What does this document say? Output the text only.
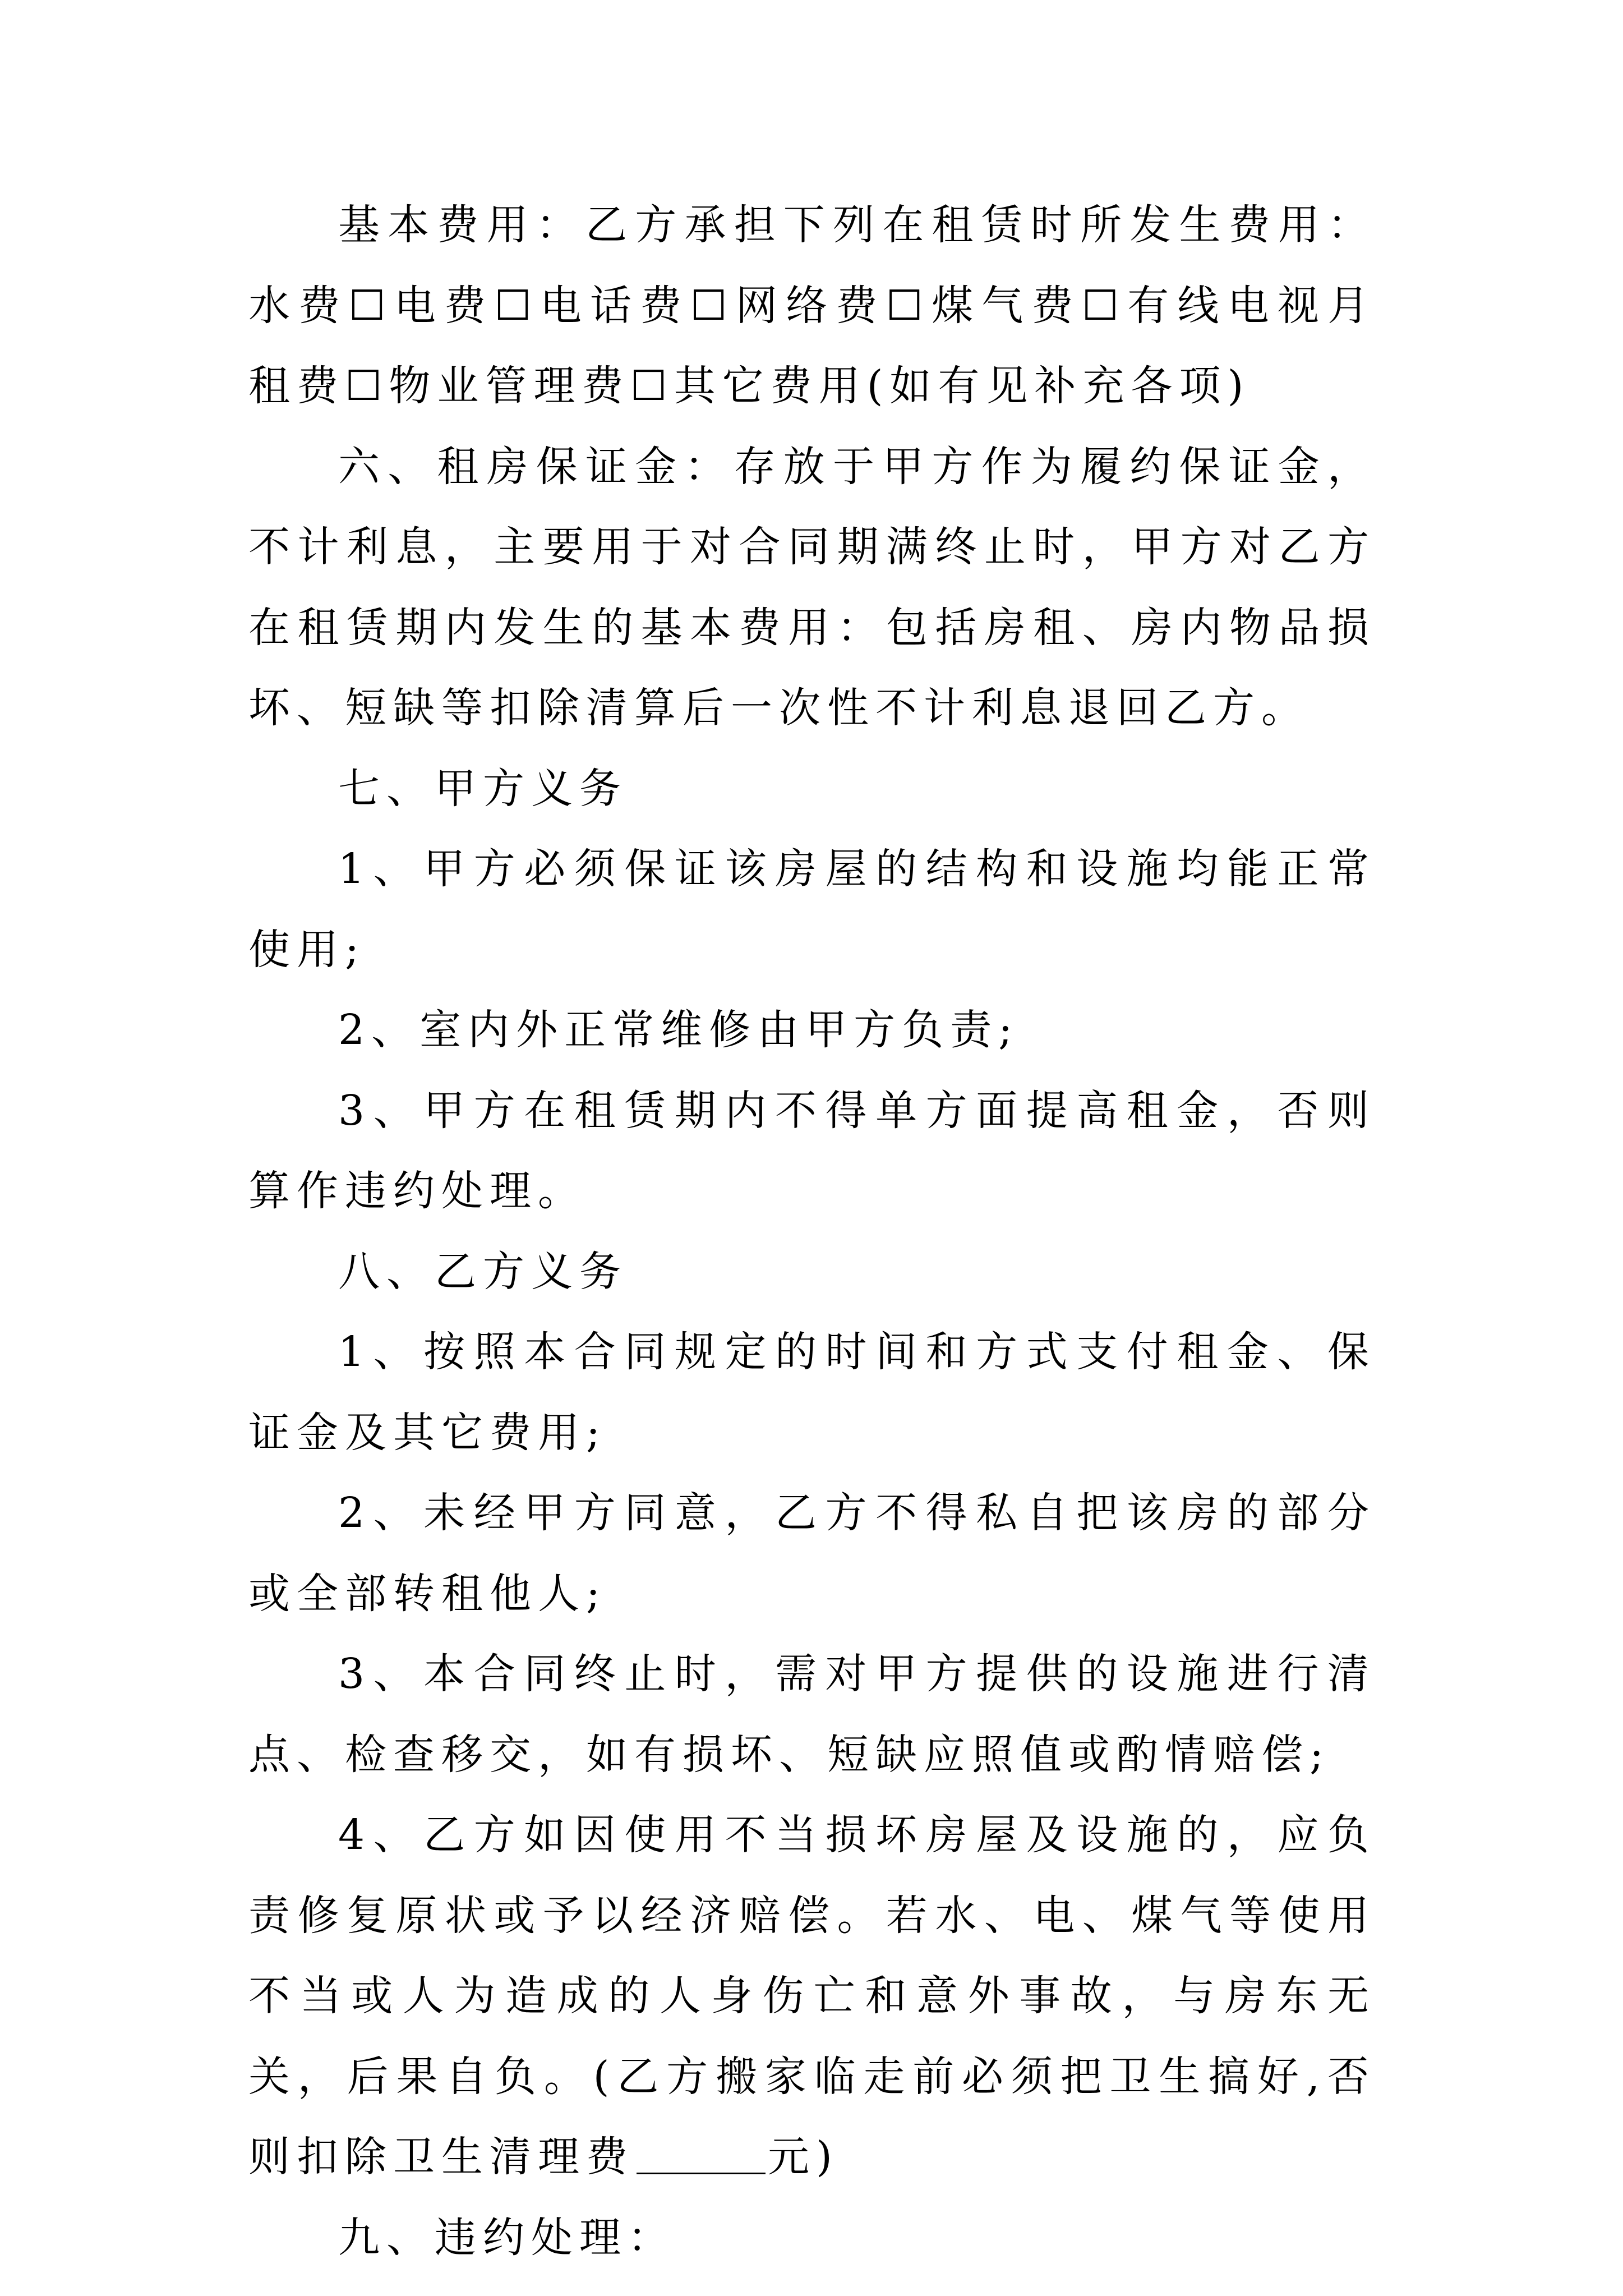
基本费用：乙方承担下列在租赁时所发生费用：水费☐电费☐电话费☐网络费☐煤气费☐有线电视月租费☐物业管理费☐其它费用(如有见补充各项)

六、租房保证金：存放于甲方作为履约保证金，不计利息，主要用于对合同期满终止时，甲方对乙方在租赁期内发生的基本费用：包括房租、房内物品损坏、短缺等扣除清算后一次性不计利息退回乙方。

七、甲方义务

1、甲方必须保证该房屋的结构和设施均能正常使用;

2、室内外正常维修由甲方负责;

3、甲方在租赁期内不得单方面提高租金，否则算作违约处理。

八、乙方义务

1、按照本合同规定的时间和方式支付租金、保证金及其它费用;

2、未经甲方同意，乙方不得私自把该房的部分或全部转租他人;

3、本合同终止时，需对甲方提供的设施进行清点、检查移交，如有损坏、短缺应照值或酌情赔偿;

4、乙方如因使用不当损坏房屋及设施的，应负责修复原状或予以经济赔偿。若水、电、煤气等使用不当或人为造成的人身伤亡和意外事故，与房东无关，后果自负。(乙方搬家临走前必须把卫生搞好,否则扣除卫生清理费	元)

九、违约处理：
